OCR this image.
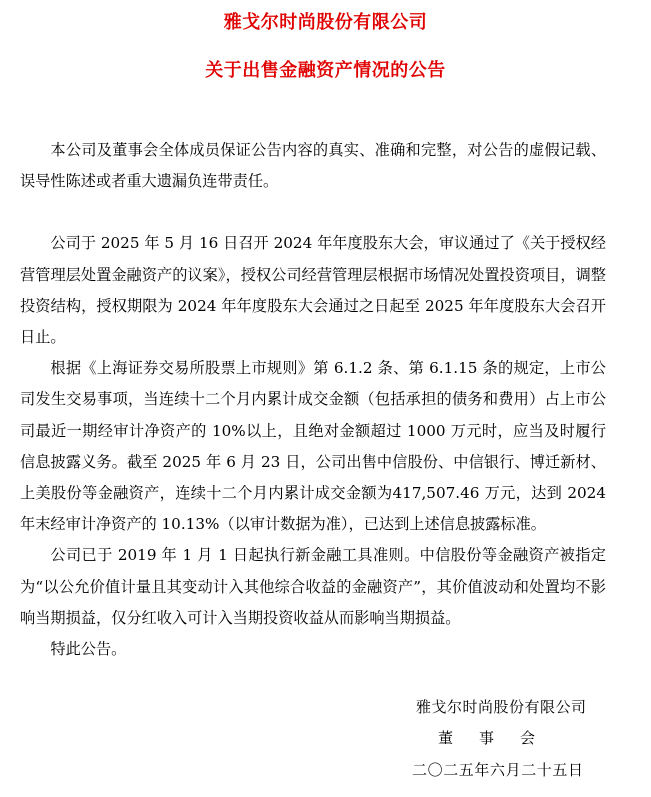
雅戈尔时尚股份有限公司
关于出售金融资产情况的公告

本公司及董事会全体成员保证公告内容的真实、准确和完整，对公告的虚假记载、误导性陈述或者重大遗漏负连带责任。

公司于 2025 年 5 月 16 日召开 2024 年年度股东大会，审议通过了《关于授权经营管理层处置金融资产的议案》，授权公司经营管理层根据市场情况处置投资项目，调整投资结构，授权期限为 2024 年年度股东大会通过之日起至 2025 年年度股东大会召开日止。

根据《上海证券交易所股票上市规则》第 6.1.2 条、第 6.1.15 条的规定，上市公司发生交易事项，当连续十二个月内累计成交金额（包括承担的债务和费用）占上市公司最近一期经审计净资产的 10%以上，且绝对金额超过 1000 万元时，应当及时履行信息披露义务。截至 2025 年 6 月 23 日，公司出售中信股份、中信银行、博迁新材、上美股份等金融资产，连续十二个月内累计成交金额为417,507.46 万元，达到 2024 年末经审计净资产的 10.13%（以审计数据为准），已达到上述信息披露标准。

公司已于 2019 年 1 月 1 日起执行新金融工具准则。中信股份等金融资产被指定为“以公允价值计量且其变动计入其他综合收益的金融资产”，其价值波动和处置均不影响当期损益，仅分红收入可计入当期投资收益从而影响当期损益。

特此公告。

雅戈尔时尚股份有限公司
董事会
二〇二五年六月二十五日
